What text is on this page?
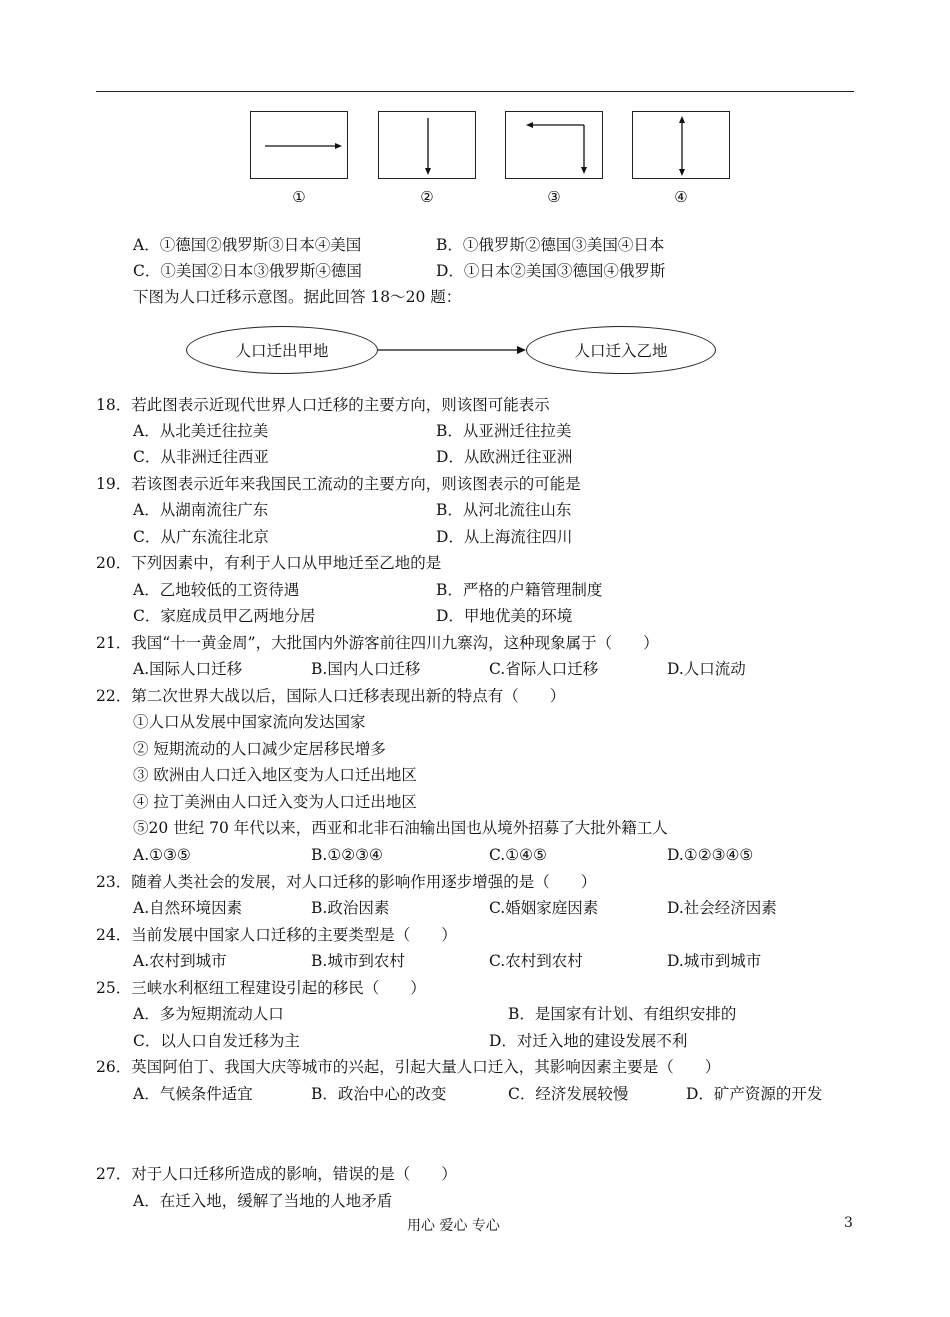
①	②	③	④
A．①德国②俄罗斯③日本④美国	B．①俄罗斯②德国③美国④日本
C．①美国②日本③俄罗斯④德国	D．①日本②美国③德国④俄罗斯
下图为人口迁移示意图。据此回答 18～20 题：
人口迁出甲地	人口迁入乙地
18．若此图表示近现代世界人口迁移的主要方向，则该图可能表示
A．从北美迁往拉美	B．从亚洲迁往拉美
C．从非洲迁往西亚	D．从欧洲迁往亚洲
19．若该图表示近年来我国民工流动的主要方向，则该图表示的可能是
A．从湖南流往广东	B．从河北流往山东
C．从广东流往北京	D．从上海流往四川
20．下列因素中，有利于人口从甲地迁至乙地的是
A．乙地较低的工资待遇	B．严格的户籍管理制度
C．家庭成员甲乙两地分居	D．甲地优美的环境
21．我国“十一黄金周”，大批国内外游客前往四川九寨沟，这种现象属于（　　）
A.国际人口迁移	B.国内人口迁移	C.省际人口迁移	D.人口流动
22．第二次世界大战以后，国际人口迁移表现出新的特点有（　　）
①人口从发展中国家流向发达国家
② 短期流动的人口减少定居移民增多
③ 欧洲由人口迁入地区变为人口迁出地区
④ 拉丁美洲由人口迁入变为人口迁出地区
⑤20 世纪 70 年代以来，西亚和北非石油输出国也从境外招募了大批外籍工人
A.①③⑤	B.①②③④	C.①④⑤	D.①②③④⑤
23．随着人类社会的发展，对人口迁移的影响作用逐步增强的是（　　）
A.自然环境因素	B.政治因素	C.婚姻家庭因素	D.社会经济因素
24．当前发展中国家人口迁移的主要类型是（　　）
A.农村到城市	B.城市到农村	C.农村到农村	D.城市到城市
25．三峡水利枢纽工程建设引起的移民（　　）
A．多为短期流动人口	B．是国家有计划、有组织安排的
C．以人口自发迁移为主	D．对迁入地的建设发展不利
26．英国阿伯丁、我国大庆等城市的兴起，引起大量人口迁入，其影响因素主要是（　　）
A．气候条件适宜	B．政治中心的改变	C．经济发展较慢	D．矿产资源的开发
27．对于人口迁移所造成的影响，错误的是（　　）
A．在迁入地，缓解了当地的人地矛盾
用心 爱心 专心	3
